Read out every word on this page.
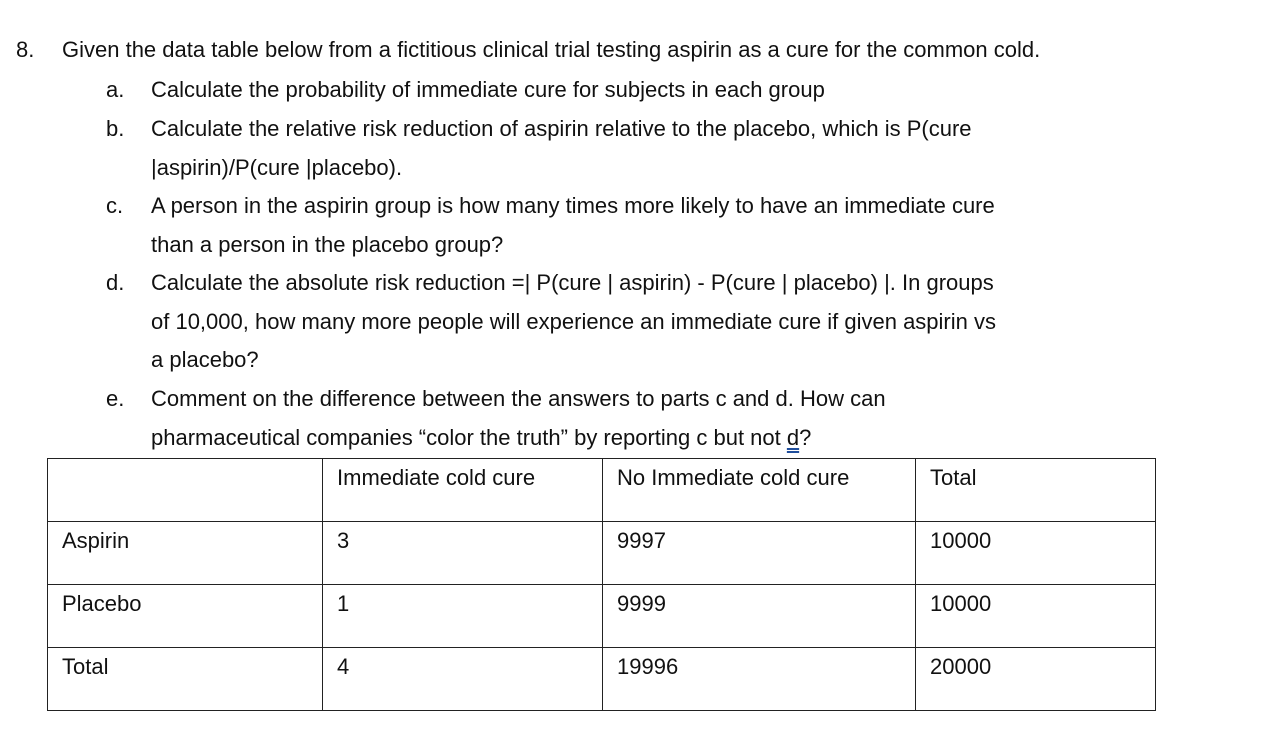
8. Given the data table below from a fictitious clinical trial testing aspirin as a cure for the common cold.
a.	Calculate the probability of immediate cure for subjects in each group
b.	Calculate the relative risk reduction of aspirin relative to the placebo, which is P(cure
|aspirin)/P(cure |placebo).
c.	A person in the aspirin group is how many times more likely to have an immediate cure
than a person in the placebo group?
d.	Calculate the absolute risk reduction =| P(cure | aspirin) - P(cure | placebo) |. In groups
of 10,000, how many more people will experience an immediate cure if given aspirin vs
a placebo?
e.	Comment on the difference between the answers to parts c and d. How can
pharmaceutical companies “color the truth” by reporting c but not d?
	Immediate cold cure	No Immediate cold cure	Total
Aspirin	3	9997	10000
Placebo	1	9999	10000
Total	4	19996	20000
